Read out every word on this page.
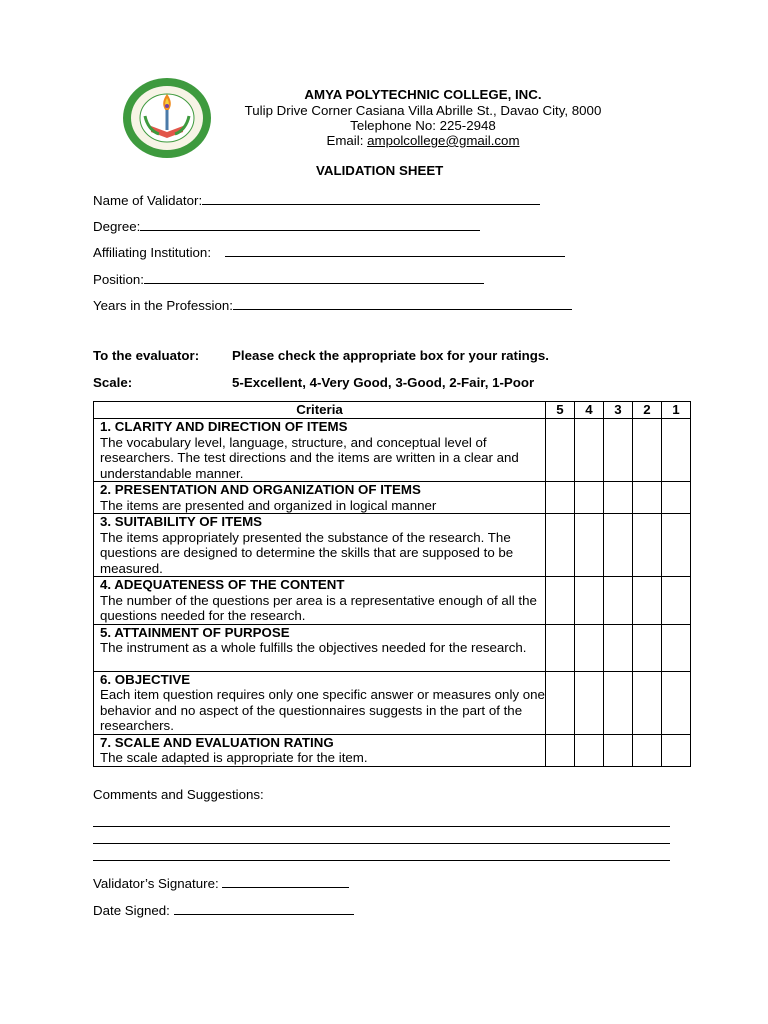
AMYA POLYTECHNIC COLLEGE, INC.
Tulip Drive Corner Casiana Villa Abrille St., Davao City, 8000
Telephone No: 225-2948
Email: ampolcollege@gmail.com
VALIDATION SHEET
Name of Validator:
Degree:
Affiliating Institution:
Position:
Years in the Profession:
To the evaluator: Please check the appropriate box for your ratings.
Scale:	5-Excellent, 4-Very Good, 3-Good, 2-Fair, 1-Poor
Criteria	5	4	3	2	1

1. CLARITY AND DIRECTION OF ITEMS
The vocabulary level, language, structure, and conceptual level of researchers. The test directions and the items are written in a clear and understandable manner.					

2. PRESENTATION AND ORGANIZATION OF ITEMS
The items are presented and organized in logical manner					

3. SUITABILITY OF ITEMS
The items appropriately presented the substance of the research. The questions are designed to determine the skills that are supposed to be measured.					

4. ADEQUATENESS OF THE CONTENT
The number of the questions per area is a representative enough of all the questions needed for the research.					

5. ATTAINMENT OF PURPOSE
The instrument as a whole fulfills the objectives needed for the research.					

6. OBJECTIVE
Each item question requires only one specific answer or measures only one behavior and no aspect of the questionnaires suggests in the part of the researchers.					

7. SCALE AND EVALUATION RATING
The scale adapted is appropriate for the item.					

Comments and Suggestions:
Validator’s Signature:
Date Signed:
